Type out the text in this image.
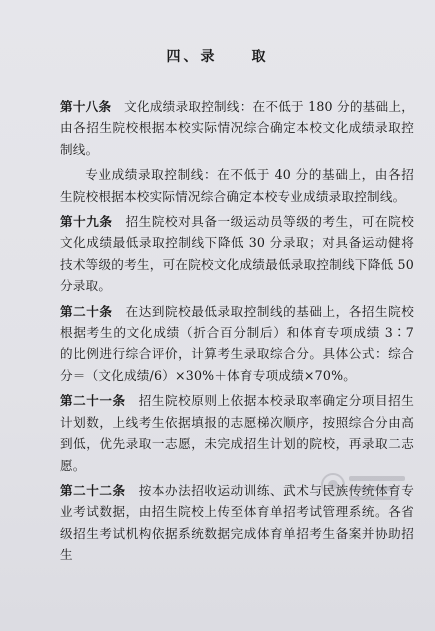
四、录　　取

第十八条　文化成绩录取控制线：在不低于 180 分的基础上，由各招生院校根据本校实际情况综合确定本校文化成绩录取控制线。

专业成绩录取控制线：在不低于 40 分的基础上，由各招生院校根据本校实际情况综合确定本校专业成绩录取控制线。

第十九条　招生院校对具备一级运动员等级的考生，可在院校文化成绩最低录取控制线下降低 30 分录取；对具备运动健将技术等级的考生，可在院校文化成绩最低录取控制线下降低 50 分录取。

第二十条　在达到院校最低录取控制线的基础上，各招生院校根据考生的文化成绩（折合百分制后）和体育专项成绩 3∶7 的比例进行综合评价，计算考生录取综合分。具体公式：综合分＝（文化成绩/6）×30%＋体育专项成绩×70%。

第二十一条　招生院校原则上依据本校录取率确定分项目招生计划数，上线考生依据填报的志愿梯次顺序，按照综合分由高到低，优先录取一志愿，未完成招生计划的院校，再录取二志愿。

第二十二条　按本办法招收运动训练、武术与民族传统体育专业考试数据，由招生院校上传至体育单招考试管理系统。各省级招生考试机构依据系统数据完成体育单招考生备案并协助招生
